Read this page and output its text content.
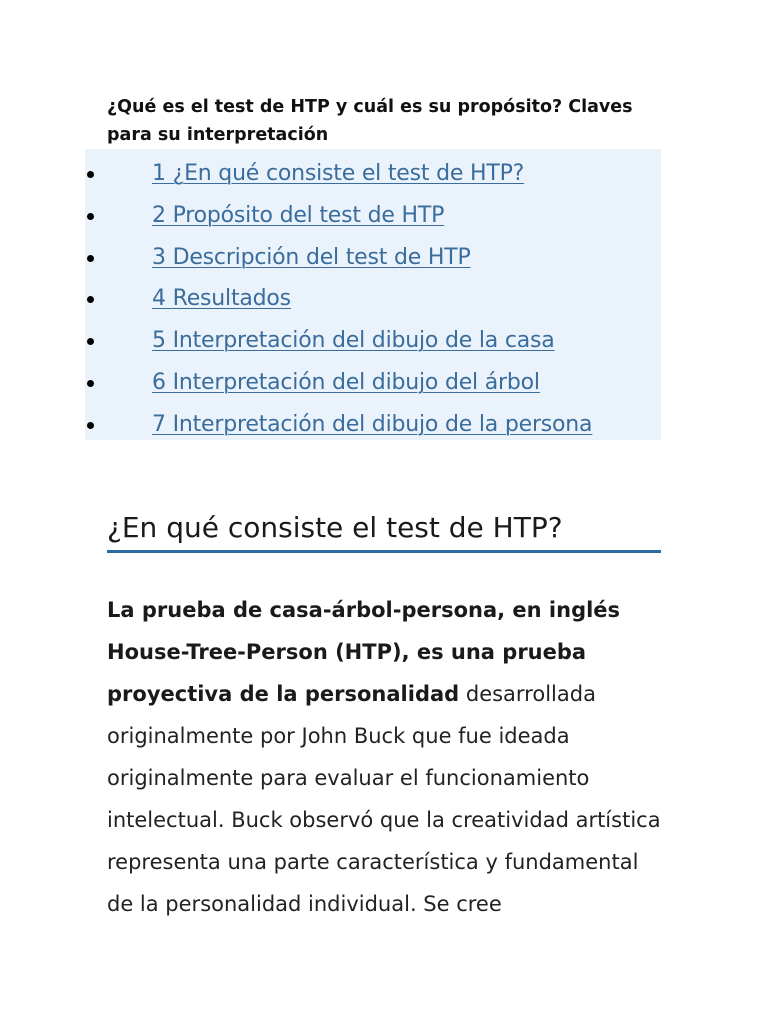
¿Qué es el test de HTP y cuál es su propósito? Claves para su interpretación
1 ¿En qué consiste el test de HTP?
2 Propósito del test de HTP
3 Descripción del test de HTP
4 Resultados
5 Interpretación del dibujo de la casa
6 Interpretación del dibujo del árbol
7 Interpretación del dibujo de la persona
¿En qué consiste el test de HTP?

La prueba de casa-árbol-persona, en inglés House-Tree-Person (HTP), es una prueba proyectiva de la personalidad desarrollada originalmente por John Buck que fue ideada originalmente para evaluar el funcionamiento intelectual. Buck observó que la creatividad artística representa una parte característica y fundamental de la personalidad individual. Se cree
